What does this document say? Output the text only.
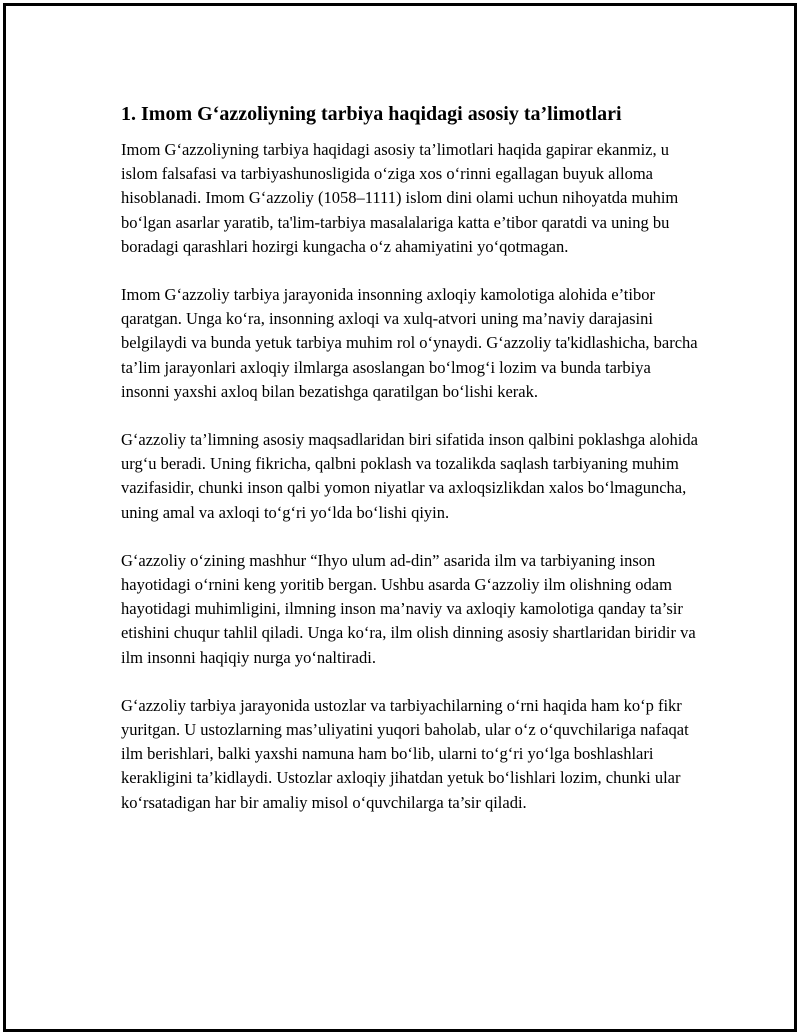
1. Imom G‘azzoliyning tarbiya haqidagi asosiy ta’limotlari

Imom G‘azzoliyning tarbiya haqidagi asosiy ta’limotlari haqida gapirar ekanmiz, u islom falsafasi va tarbiyashunosligida o‘ziga xos o‘rinni egallagan buyuk alloma hisoblanadi. Imom G‘azzoliy (1058–1111) islom dini olami uchun nihoyatda muhim bo‘lgan asarlar yaratib, ta'lim-tarbiya masalalariga katta e’tibor qaratdi va uning bu boradagi qarashlari hozirgi kungacha o‘z ahamiyatini yo‘qotmagan.

Imom G‘azzoliy tarbiya jarayonida insonning axloqiy kamolotiga alohida e’tibor qaratgan. Unga ko‘ra, insonning axloqi va xulq-atvori uning ma’naviy darajasini belgilaydi va bunda yetuk tarbiya muhim rol o‘ynaydi. G‘azzoliy ta'kidlashicha, barcha ta’lim jarayonlari axloqiy ilmlarga asoslangan bo‘lmog‘i lozim va bunda tarbiya insonni yaxshi axloq bilan bezatishga qaratilgan bo‘lishi kerak.

G‘azzoliy ta’limning asosiy maqsadlaridan biri sifatida inson qalbini poklashga alohida urg‘u beradi. Uning fikricha, qalbni poklash va tozalikda saqlash tarbiyaning muhim vazifasidir, chunki inson qalbi yomon niyatlar va axloqsizlikdan xalos bo‘lmaguncha, uning amal va axloqi to‘g‘ri yo‘lda bo‘lishi qiyin.

G‘azzoliy o‘zining mashhur “Ihyo ulum ad-din” asarida ilm va tarbiyaning inson hayotidagi o‘rnini keng yoritib bergan. Ushbu asarda G‘azzoliy ilm olishning odam hayotidagi muhimligini, ilmning inson ma’naviy va axloqiy kamolotiga qanday ta’sir etishini chuqur tahlil qiladi. Unga ko‘ra, ilm olish dinning asosiy shartlaridan biridir va ilm insonni haqiqiy nurga yo‘naltiradi.

G‘azzoliy tarbiya jarayonida ustozlar va tarbiyachilarning o‘rni haqida ham ko‘p fikr yuritgan. U ustozlarning mas’uliyatini yuqori baholab, ular o‘z o‘quvchilariga nafaqat ilm berishlari, balki yaxshi namuna ham bo‘lib, ularni to‘g‘ri yo‘lga boshlashlari kerakligini ta’kidlaydi. Ustozlar axloqiy jihatdan yetuk bo‘lishlari lozim, chunki ular ko‘rsatadigan har bir amaliy misol o‘quvchilarga ta’sir qiladi.
